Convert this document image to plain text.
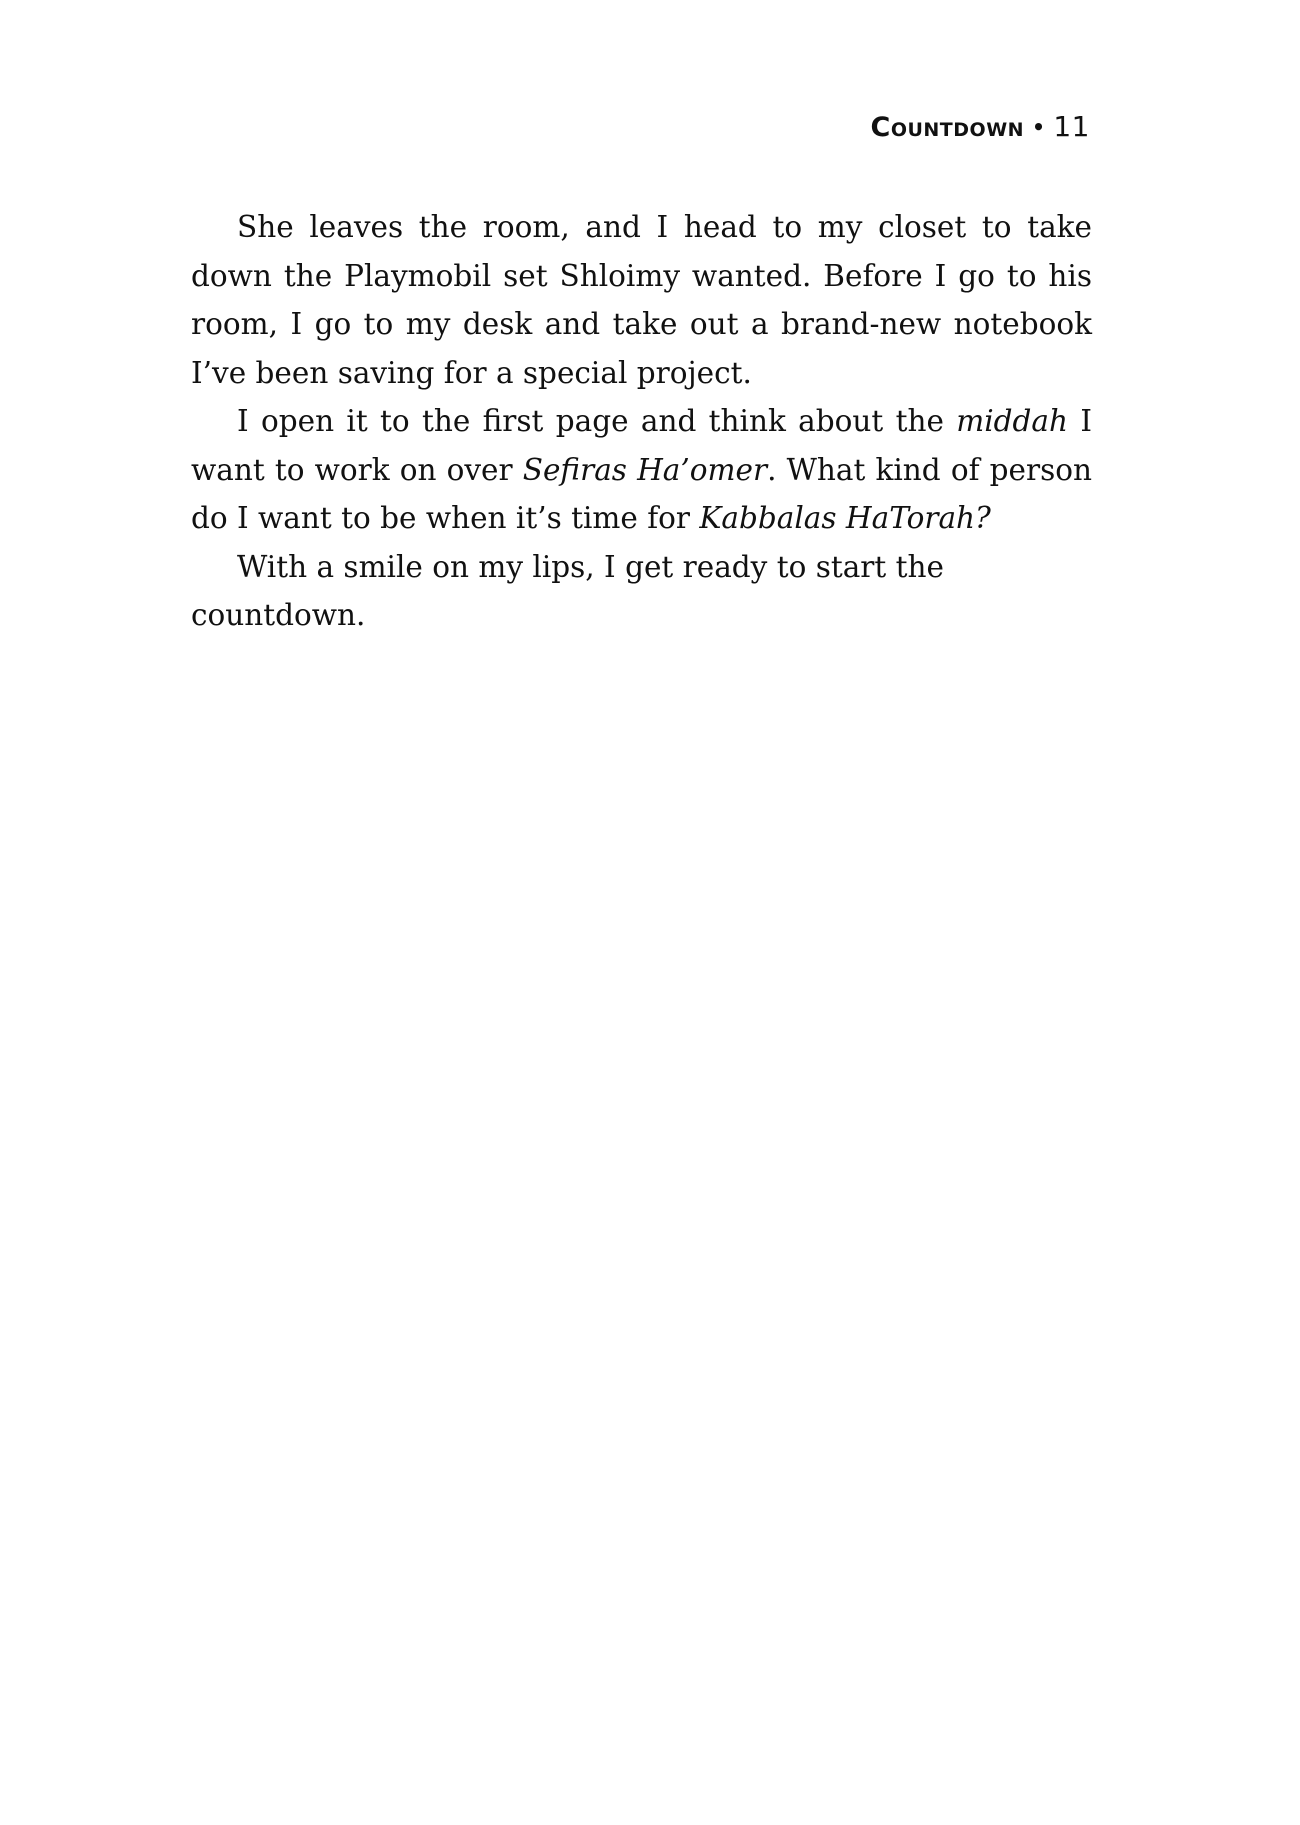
Countdown • 11

She leaves the room, and I head to my closet to take down the Playmobil set Shloimy wanted. Before I go to his room, I go to my desk and take out a brand-new notebook I’ve been saving for a special project.

I open it to the first page and think about the middah I want to work on over Sefiras Ha’omer. What kind of person do I want to be when it’s time for Kabbalas HaTorah?

With a smile on my lips, I get ready to start the countdown.
